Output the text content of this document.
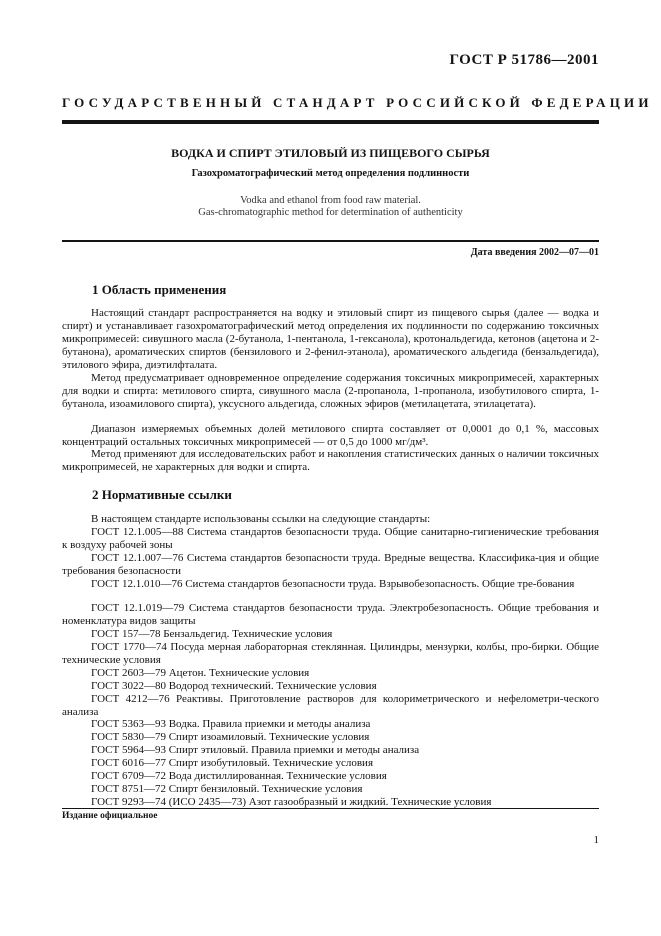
ГОСТ Р 51786—2001
ГОСУДАРСТВЕННЫЙ СТАНДАРТ РОССИЙСКОЙ ФЕДЕРАЦИИ
ВОДКА И СПИРТ ЭТИЛОВЫЙ ИЗ ПИЩЕВОГО СЫРЬЯ
Газохроматографический метод определения подлинности
Vodka and ethanol from food raw material.
Gas-chromatographic method for determination of authenticity
Дата введения 2002—07—01
1 Область применения
Настоящий стандарт распространяется на водку и этиловый спирт из пищевого сырья (далее — водка и спирт) и устанавливает газохроматографический метод определения их подлинности по содержанию токсичных микропримесей: сивушного масла (2-бутанола, 1-пентанола, 1-гексанола), кротональдегида, кетонов (ацетона и 2-бутанона), ароматических спиртов (бензилового и 2-фенил-этанола), ароматического альдегида (бензальдегида), этилового эфира, диэтилфталата.
Метод предусматривает одновременное определение содержания токсичных микропримесей, характерных для водки и спирта: метилового спирта, сивушного масла (2-пропанола, 1-пропанола, изобутилового спирта, 1-бутанола, изоамилового спирта), уксусного альдегида, сложных эфиров (метилацетата, этилацетата).
Диапазон измеряемых объемных долей метилового спирта составляет от 0,0001 до 0,1 %, массовых концентраций остальных токсичных микропримесей — от 0,5 до 1000 мг/дм³.
Метод применяют для исследовательских работ и накопления статистических данных о наличии токсичных микропримесей, не характерных для водки и спирта.
2 Нормативные ссылки
В настоящем стандарте использованы ссылки на следующие стандарты:
ГОСТ 12.1.005—88 Система стандартов безопасности труда. Общие санитарно-гигиенические требования к воздуху рабочей зоны
ГОСТ 12.1.007—76 Система стандартов безопасности труда. Вредные вещества. Классифика-ция и общие требования безопасности
ГОСТ 12.1.010—76 Система стандартов безопасности труда. Взрывобезопасность. Общие тре-бования
ГОСТ 12.1.019—79 Система стандартов безопасности труда. Электробезопасность. Общие требования и номенклатура видов защиты
ГОСТ 157—78 Бензальдегид. Технические условия
ГОСТ 1770—74 Посуда мерная лабораторная стеклянная. Цилиндры, мензурки, колбы, про-бирки. Общие технические условия
ГОСТ 2603—79 Ацетон. Технические условия
ГОСТ 3022—80 Водород технический. Технические условия
ГОСТ 4212—76 Реактивы. Приготовление растворов для колориметрического и нефелометри-ческого анализа
ГОСТ 5363—93 Водка. Правила приемки и методы анализа
ГОСТ 5830—79 Спирт изоамиловый. Технические условия
ГОСТ 5964—93 Спирт этиловый. Правила приемки и методы анализа
ГОСТ 6016—77 Спирт изобутиловый. Технические условия
ГОСТ 6709—72 Вода дистиллированная. Технические условия
ГОСТ 8751—72 Спирт бензиловый. Технические условия
ГОСТ 9293—74 (ИСО 2435—73) Азот газообразный и жидкий. Технические условия
Издание официальное
1
